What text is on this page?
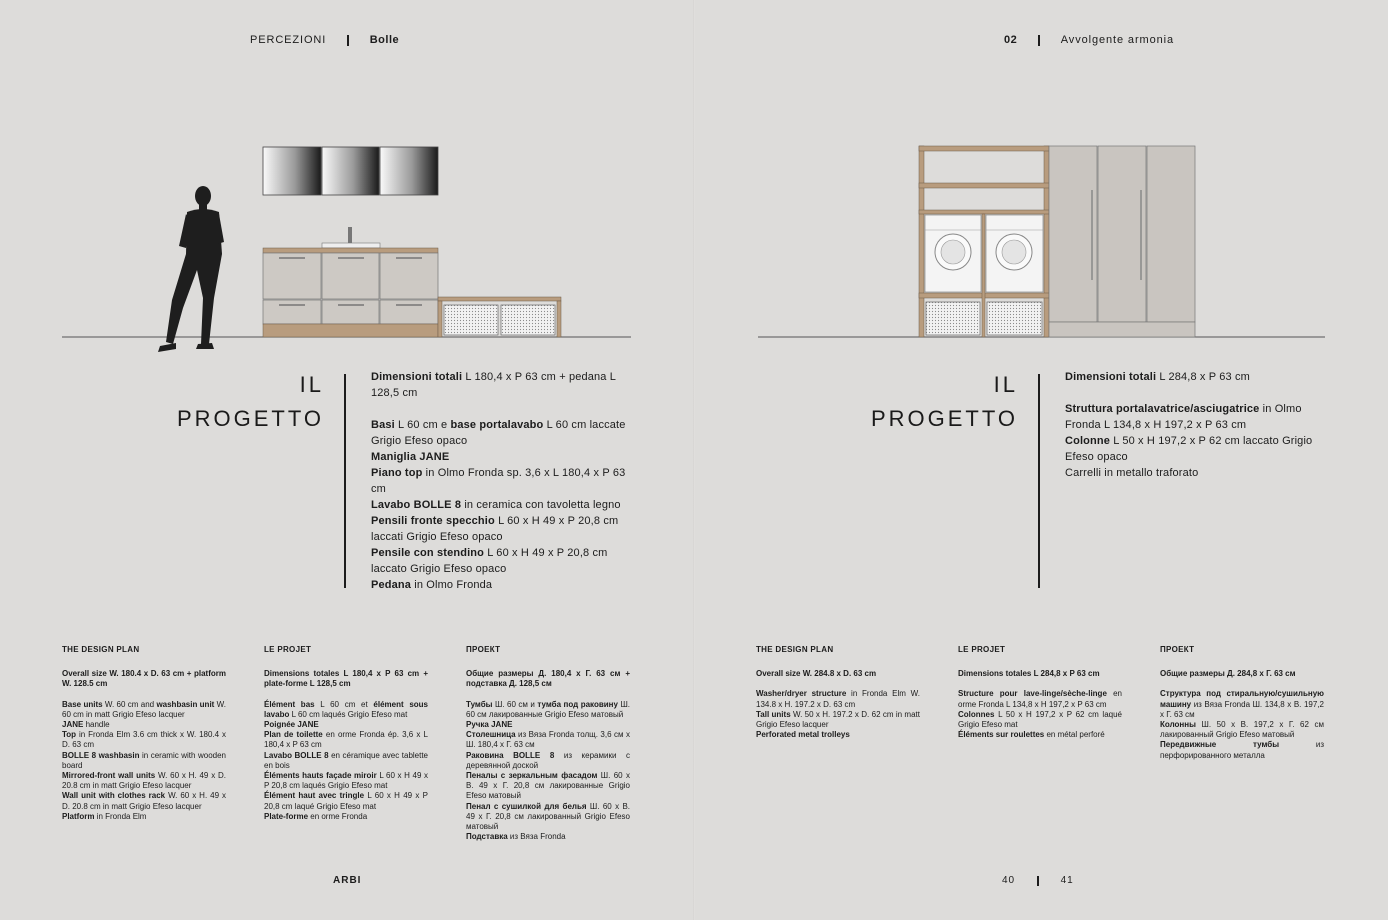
PERCEZIONI	Bolle
IL
PROGETTO
Dimensioni totali L 180,4 x P 63 cm + pedana L 128,5 cm
Basi L 60 cm e base portalavabo L 60 cm laccate Grigio Efeso opaco
Maniglia JANE
Piano top in Olmo Fronda sp. 3,6 x L 180,4 x P 63 cm
Lavabo BOLLE 8 in ceramica con tavoletta legno
Pensili fronte specchio L 60 x H 49 x P 20,8 cm laccati Grigio Efeso opaco
Pensile con stendino L 60 x H 49 x P 20,8 cm laccato Grigio Efeso opaco
Pedana in Olmo Fronda
THE DESIGN PLAN
Overall size W. 180.4 x D. 63 cm + platform W. 128.5 cm
Base units W. 60 cm and washbasin unit W. 60 cm in matt Grigio Efeso lacquer
JANE handle
Top in Fronda Elm 3.6 cm thick x W. 180.4 x D. 63 cm
BOLLE 8 washbasin in ceramic with wooden board
Mirrored-front wall units W. 60 x H. 49 x D. 20.8 cm in matt Grigio Efeso lacquer
Wall unit with clothes rack W. 60 x H. 49 x D. 20.8 cm in matt Grigio Efeso lacquer
Platform in Fronda Elm
LE PROJET
Dimensions totales L 180,4 x P 63 cm + plate-forme L 128,5 cm
Élément bas L 60 cm et élément sous lavabo L 60 cm laqués Grigio Efeso mat
Poignée JANE
Plan de toilette en orme Fronda ép. 3,6 x L 180,4 x P 63 cm
Lavabo BOLLE 8 en céramique avec tablette en bois
Éléments hauts façade miroir L 60 x H 49 x P 20,8 cm laqués Grigio Efeso mat
Élément haut avec tringle L 60 x H 49 x P 20,8 cm laqué Grigio Efeso mat
Plate-forme en orme Fronda
ПРОЕКТ
Общие размеры Д. 180,4 x Г. 63 см + подставка Д. 128,5 см
Тумбы Ш. 60 см и тумба под раковину Ш. 60 см лакированные Grigio Efeso матовый
Ручка JANE
Столешница из Вяза Fronda толщ. 3,6 см x Ш. 180,4 x Г. 63 см
Раковина BOLLE 8 из керамики с деревянной доской
Пеналы с зеркальным фасадом Ш. 60 x В. 49 x Г. 20,8 см лакированные Grigio Efeso матовый
Пенал с сушилкой для белья Ш. 60 x В. 49 x Г. 20,8 см лакированный Grigio Efeso матовый
Подставка из Вяза Fronda
ARBI
02	Avvolgente armonia
IL
PROGETTO
Dimensioni totali L 284,8 x P 63 cm
Struttura portalavatrice/asciugatrice in Olmo Fronda L 134,8 x H 197,2 x P 63 cm
Colonne L 50 x H 197,2 x P 62 cm laccato Grigio Efeso opaco
Carrelli in metallo traforato
THE DESIGN PLAN
Overall size W. 284.8 x D. 63 cm
Washer/dryer structure in Fronda Elm W. 134.8 x H. 197.2 x D. 63 cm
Tall units W. 50 x H. 197.2 x D. 62 cm in matt Grigio Efeso lacquer
Perforated metal trolleys
LE PROJET
Dimensions totales L 284,8 x P 63 cm
Structure pour lave-linge/sèche-linge en orme Fronda L 134,8 x H 197,2 x P 63 cm
Colonnes L 50 x H 197,2 x P 62 cm laqué Grigio Efeso mat
Éléments sur roulettes en métal perforé
ПРОЕКТ
Общие размеры Д. 284,8 x Г. 63 см
Структура под стиральную/сушильную машину из Вяза Fronda Ш. 134,8 x В. 197,2 x Г. 63 см
Колонны Ш. 50 x В. 197,2 x Г. 62 см лакированный Grigio Efeso матовый
Передвижные тумбы из перфорированного металла
40	41
